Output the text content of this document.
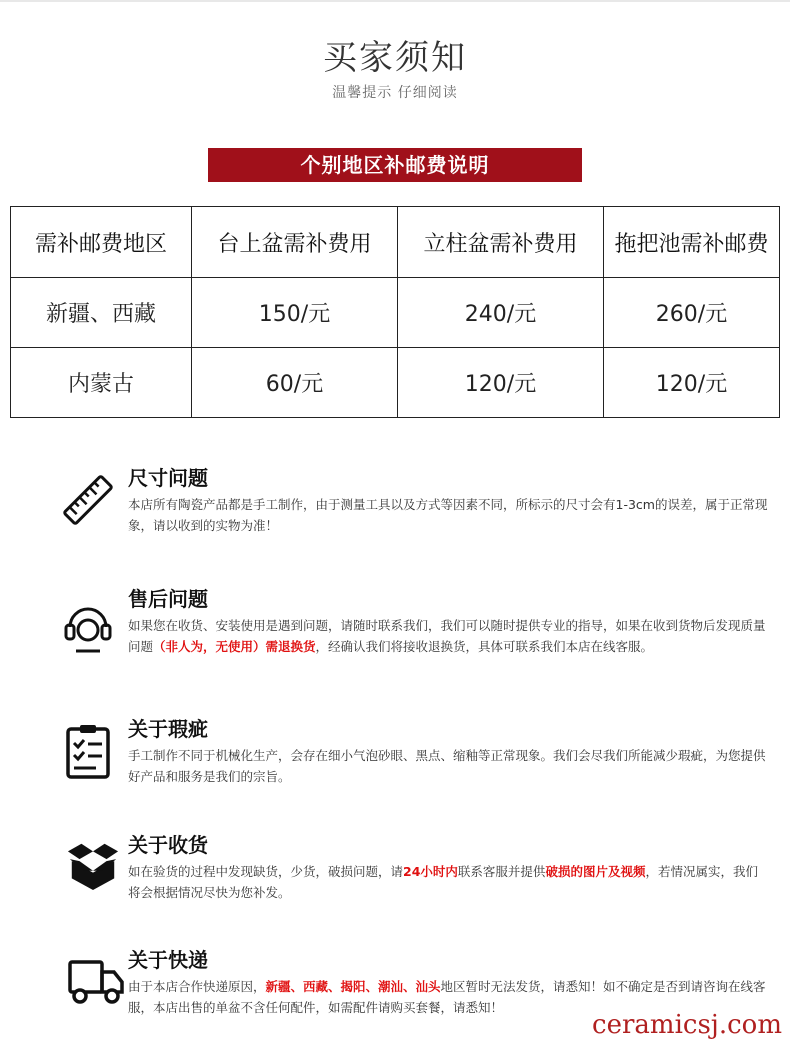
买家须知
温馨提示 仔细阅读
个别地区补邮费说明
需补邮费地区	台上盆需补费用	立柱盆需补费用	拖把池需补邮费
新疆、西藏	150/元	240/元	260/元
内蒙古	60/元	120/元	120/元
尺寸问题
本店所有陶瓷产品都是手工制作，由于测量工具以及方式等因素不同，所标示的尺寸会有1-3cm的误差，属于正常现象，请以收到的实物为准！
售后问题
如果您在收货、安装使用是遇到问题，请随时联系我们，我们可以随时提供专业的指导，如果在收到货物后发现质量问题（非人为，无使用）需退换货，经确认我们将接收退换货，具体可联系我们本店在线客服。
关于瑕疵
手工制作不同于机械化生产，会存在细小气泡砂眼、黑点、缩釉等正常现象。我们会尽我们所能减少瑕疵，为您提供好产品和服务是我们的宗旨。
关于收货
如在验货的过程中发现缺货，少货，破损问题，请24小时内联系客服并提供破损的图片及视频，若情况属实，我们将会根据情况尽快为您补发。
关于快递
由于本店合作快递原因，新疆、西藏、揭阳、潮汕、汕头地区暂时无法发货，请悉知！如不确定是否到请咨询在线客服，本店出售的单盆不含任何配件，如需配件请购买套餐，请悉知！
ceramicsj.com
